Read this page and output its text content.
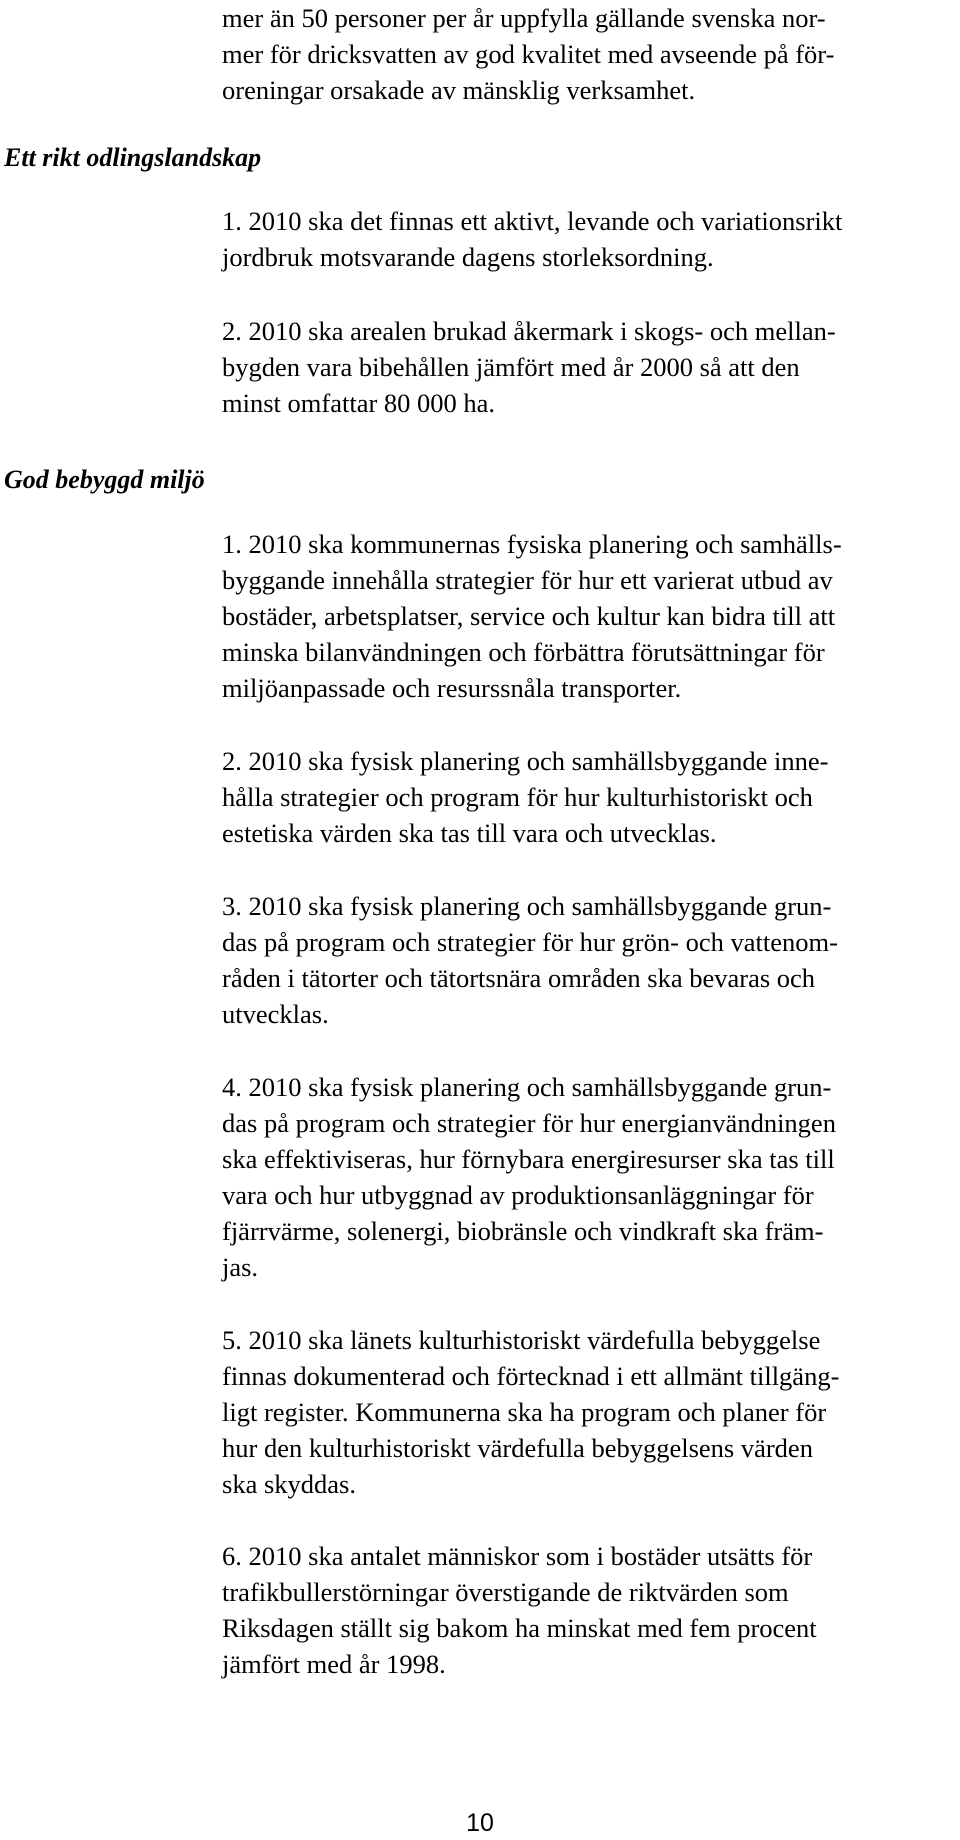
mer än 50 personer per år uppfylla gällande svenska nor-
mer för dricksvatten av god kvalitet med avseende på för-
oreningar orsakade av mänsklig verksamhet.

Ett rikt odlingslandskap

1. 2010 ska det finnas ett aktivt, levande och variationsrikt
jordbruk motsvarande dagens storleksordning.

2. 2010 ska arealen brukad åkermark i skogs- och mellan-
bygden vara bibehållen jämfört med år 2000 så att den
minst omfattar 80 000 ha.

God bebyggd miljö

1. 2010 ska kommunernas fysiska planering och samhälls-
byggande innehålla strategier för hur ett varierat utbud av
bostäder, arbetsplatser, service och kultur kan bidra till att
minska bilanvändningen och förbättra förutsättningar för
miljöanpassade och resurssnåla transporter.

2. 2010 ska fysisk planering och samhällsbyggande inne-
hålla strategier och program för hur kulturhistoriskt och
estetiska värden ska tas till vara och utvecklas.

3. 2010 ska fysisk planering och samhällsbyggande grun-
das på program och strategier för hur grön- och vattenom-
råden i tätorter och tätortsnära områden ska bevaras och
utvecklas.

4. 2010 ska fysisk planering och samhällsbyggande grun-
das på program och strategier för hur energianvändningen
ska effektiviseras, hur förnybara energiresurser ska tas till
vara och hur utbyggnad av produktionsanläggningar för
fjärrvärme, solenergi, biobränsle och vindkraft ska främ-
jas.

5. 2010 ska länets kulturhistoriskt värdefulla bebyggelse
finnas dokumenterad och förtecknad i ett allmänt tillgäng-
ligt register. Kommunerna ska ha program och planer för
hur den kulturhistoriskt värdefulla bebyggelsens värden
ska skyddas.

6. 2010 ska antalet människor som i bostäder utsätts för
trafikbullerstörningar överstigande de riktvärden som
Riksdagen ställt sig bakom ha minskat med fem procent
jämfört med år 1998.

10
